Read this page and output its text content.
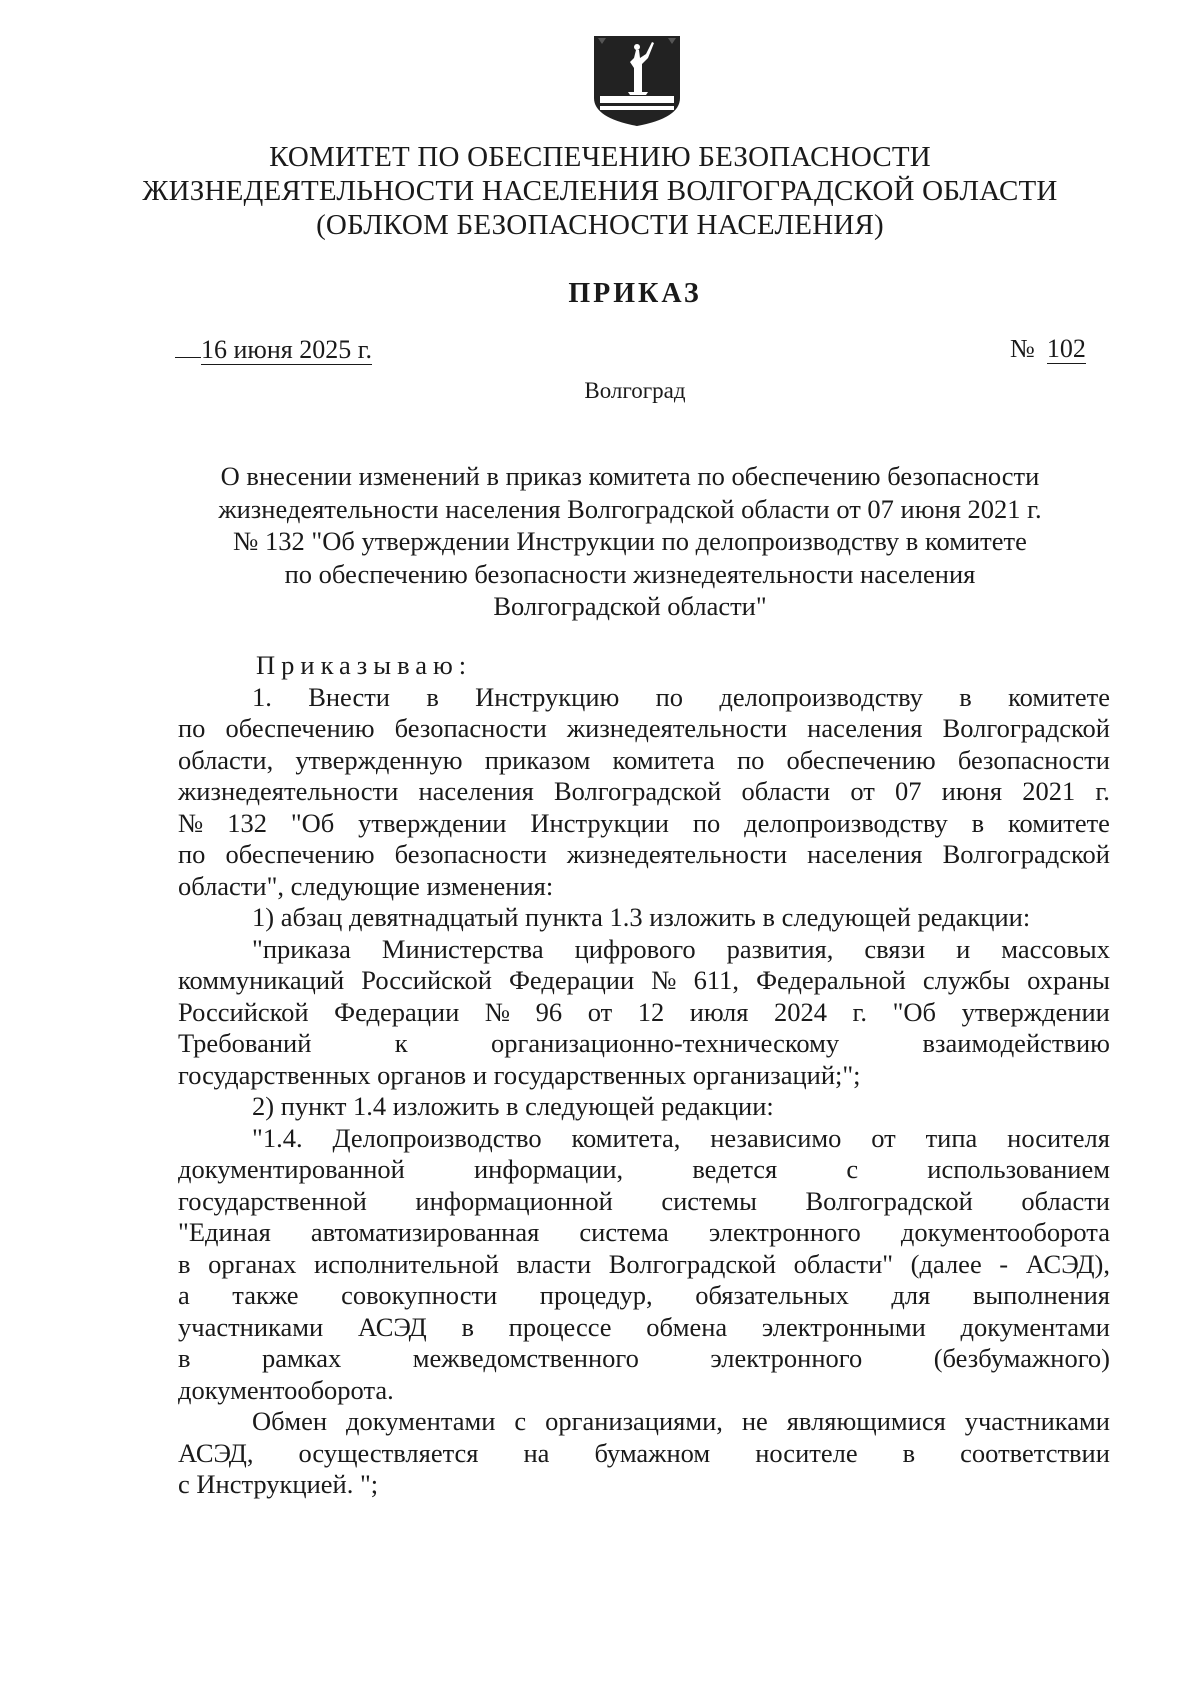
КОМИТЕТ ПО ОБЕСПЕЧЕНИЮ БЕЗОПАСНОСТИ
ЖИЗНЕДЕЯТЕЛЬНОСТИ НАСЕЛЕНИЯ ВОЛГОГРАДСКОЙ ОБЛАСТИ
(ОБЛКОМ БЕЗОПАСНОСТИ НАСЕЛЕНИЯ)
ПРИКАЗ
16 июня 2025 г.	№ 102
Волгоград
О внесении изменений в приказ комитета по обеспечению безопасности
жизнедеятельности населения Волгоградской области от 07 июня 2021 г.
№ 132 "Об утверждении Инструкции по делопроизводству в комитете
по обеспечению безопасности жизнедеятельности населения
Волгоградской области"
Приказываю:
1. Внести в Инструкцию по делопроизводству в комитете
по обеспечению безопасности жизнедеятельности населения Волгоградской
области, утвержденную приказом комитета по обеспечению безопасности
жизнедеятельности населения Волгоградской области от 07 июня 2021 г.
№ 132 "Об утверждении Инструкции по делопроизводству в комитете
по обеспечению безопасности жизнедеятельности населения Волгоградской
области", следующие изменения:
1) абзац девятнадцатый пункта 1.3 изложить в следующей редакции:
"приказа Министерства цифрового развития, связи и массовых
коммуникаций Российской Федерации № 611, Федеральной службы охраны
Российской Федерации № 96 от 12 июля 2024 г. "Об утверждении
Требований	к	организационно-техническому	взаимодействию
государственных органов и государственных организаций;";
2) пункт 1.4 изложить в следующей редакции:
"1.4. Делопроизводство комитета, независимо от типа носителя
документированной	информации,	ведется	с	использованием
государственной информационной системы Волгоградской области
"Единая автоматизированная система электронного документооборота
в органах исполнительной власти Волгоградской области" (далее - АСЭД),
а также совокупности процедур, обязательных для выполнения
участниками АСЭД в процессе обмена электронными документами
в	рамках	межведомственного	электронного	(безбумажного)
документооборота.
Обмен документами с организациями, не являющимися участниками
АСЭД, осуществляется на бумажном носителе в соответствии
с Инструкцией. ";
